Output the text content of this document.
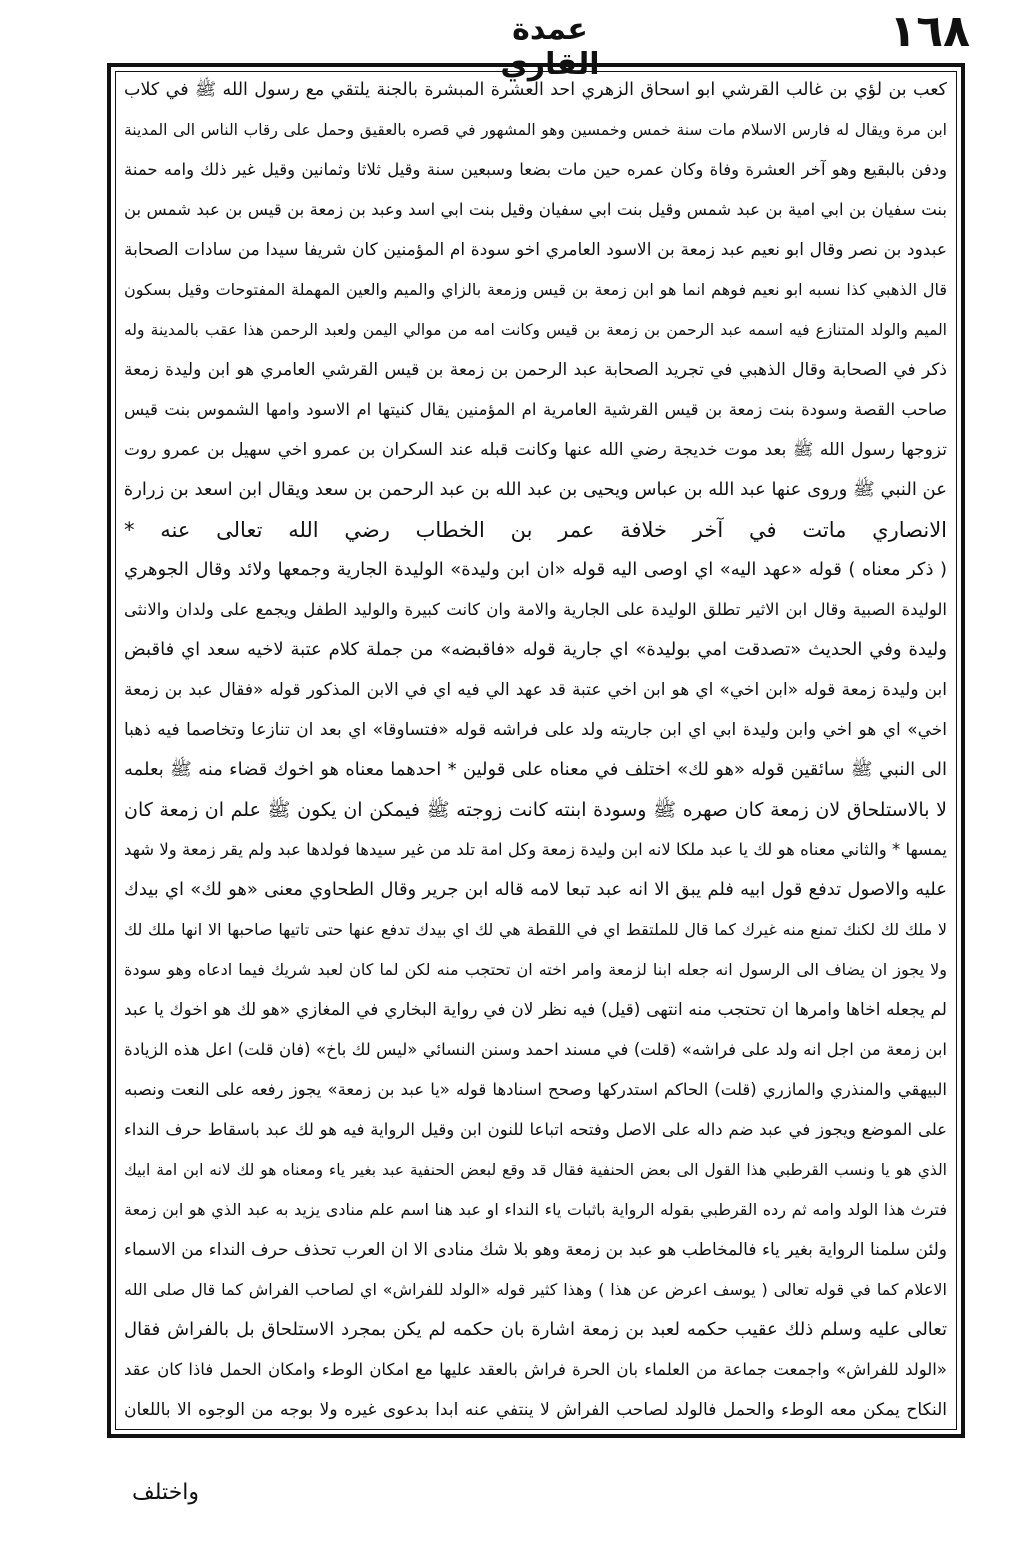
١٦٨
عمدة القاري
كعب بن لؤي بن غالب القرشي ابو اسحاق الزهري احد العشرة المبشرة بالجنة يلتقي مع رسول الله ﷺ في كلاب
ابن مرة ويقال له فارس الاسلام مات سنة خمس وخمسين وهو المشهور في قصره بالعقيق وحمل على رقاب الناس الى المدينة
ودفن بالبقيع وهو آخر العشرة وفاة وكان عمره حين مات بضعا وسبعين سنة وقيل ثلاثا وثمانين وقيل غير ذلك وامه حمنة
بنت سفيان بن ابي امية بن عبد شمس وقيل بنت ابي سفيان وقيل بنت ابي اسد وعبد بن زمعة بن قيس بن عبد شمس بن
عبدود بن نصر وقال ابو نعيم عبد زمعة بن الاسود العامري اخو سودة ام المؤمنين كان شريفا سيدا من سادات الصحابة
قال الذهبي كذا نسبه ابو نعيم فوهم انما هو ابن زمعة بن قيس وزمعة بالزاي والميم والعين المهملة المفتوحات وقيل بسكون
الميم والولد المتنازع فيه اسمه عبد الرحمن بن زمعة بن قيس وكانت امه من موالي اليمن ولعبد الرحمن هذا عقب بالمدينة وله
ذكر في الصحابة وقال الذهبي في تجريد الصحابة عبد الرحمن بن زمعة بن قيس القرشي العامري هو ابن وليدة زمعة
صاحب القصة وسودة بنت زمعة بن قيس القرشية العامرية ام المؤمنين يقال كنيتها ام الاسود وامها الشموس بنت قيس
تزوجها رسول الله ﷺ بعد موت خديجة رضي الله عنها وكانت قبله عند السكران بن عمرو اخي سهيل بن عمرو روت
عن النبي ﷺ وروى عنها عبد الله بن عباس ويحيى بن عبد الله بن عبد الرحمن بن سعد ويقال ابن اسعد بن زرارة
الانصاري ماتت في آخر خلافة عمر بن الخطاب رضي الله تعالى عنه *
( ذكر معناه ) قوله «عهد اليه» اي اوصى اليه قوله «ان ابن وليدة» الوليدة الجارية وجمعها ولائد وقال الجوهري
الوليدة الصبية وقال ابن الاثير تطلق الوليدة على الجارية والامة وان كانت كبيرة والوليد الطفل ويجمع على ولدان والانثى
وليدة وفي الحديث «تصدقت امي بوليدة» اي جارية قوله «فاقبضه» من جملة كلام عتبة لاخيه سعد اي فاقبض
ابن وليدة زمعة قوله «ابن اخي» اي هو ابن اخي عتبة قد عهد الي فيه اي في الابن المذكور قوله «فقال عبد بن زمعة
اخي» اي هو اخي وابن وليدة ابي اي ابن جاريته ولد على فراشه قوله «فتساوقا» اي بعد ان تنازعا وتخاصما فيه ذهبا
الى النبي ﷺ سائقين قوله «هو لك» اختلف في معناه على قولين * احدهما معناه هو اخوك قضاء منه ﷺ بعلمه
لا بالاستلحاق لان زمعة كان صهره ﷺ وسودة ابنته كانت زوجته ﷺ فيمكن ان يكون ﷺ علم ان زمعة كان
يمسها * والثاني معناه هو لك يا عبد ملكا لانه ابن وليدة زمعة وكل امة تلد من غير سيدها فولدها عبد ولم يقر زمعة ولا شهد
عليه والاصول تدفع قول ابيه فلم يبق الا انه عبد تبعا لامه قاله ابن جرير وقال الطحاوي معنى «هو لك» اي بيدك
لا ملك لك لكنك تمنع منه غيرك كما قال للملتقط اي في اللقطة هي لك اي بيدك تدفع عنها حتى تاتيها صاحبها الا انها ملك لك
ولا يجوز ان يضاف الى الرسول انه جعله ابنا لزمعة وامر اخته ان تحتجب منه لكن لما كان لعبد شريك فيما ادعاه وهو سودة
لم يجعله اخاها وامرها ان تحتجب منه انتهى (قيل) فيه نظر لان في رواية البخاري في المغازي «هو لك هو اخوك يا عبد
ابن زمعة من اجل انه ولد على فراشه» (قلت) في مسند احمد وسنن النسائي «ليس لك باخ» (فان قلت) اعل هذه الزيادة
البيهقي والمنذري والمازري (قلت) الحاكم استدركها وصحح اسنادها قوله «يا عبد بن زمعة» يجوز رفعه على النعت ونصبه
على الموضع ويجوز في عبد ضم داله على الاصل وفتحه اتباعا للنون ابن وقيل الرواية فيه هو لك عبد باسقاط حرف النداء
الذي هو يا ونسب القرطبي هذا القول الى بعض الحنفية فقال قد وقع لبعض الحنفية عبد بغير ياء ومعناه هو لك لانه ابن امة ابيك
فترث هذا الولد وامه ثم رده القرطبي بقوله الرواية باثبات ياء النداء او عبد هنا اسم علم منادى يزيد به عبد الذي هو ابن زمعة
ولئن سلمنا الرواية بغير ياء فالمخاطب هو عبد بن زمعة وهو بلا شك منادى الا ان العرب تحذف حرف النداء من الاسماء
الاعلام كما في قوله تعالى ( يوسف اعرض عن هذا ) وهذا كثير قوله «الولد للفراش» اي لصاحب الفراش كما قال صلى الله
تعالى عليه وسلم ذلك عقيب حكمه لعبد بن زمعة اشارة بان حكمه لم يكن بمجرد الاستلحاق بل بالفراش فقال
«الولد للفراش» واجمعت جماعة من العلماء بان الحرة فراش بالعقد عليها مع امكان الوطء وامكان الحمل فاذا كان عقد
النكاح يمكن معه الوطء والحمل فالولد لصاحب الفراش لا ينتفي عنه ابدا بدعوى غيره ولا بوجه من الوجوه الا باللعان
واختلف
